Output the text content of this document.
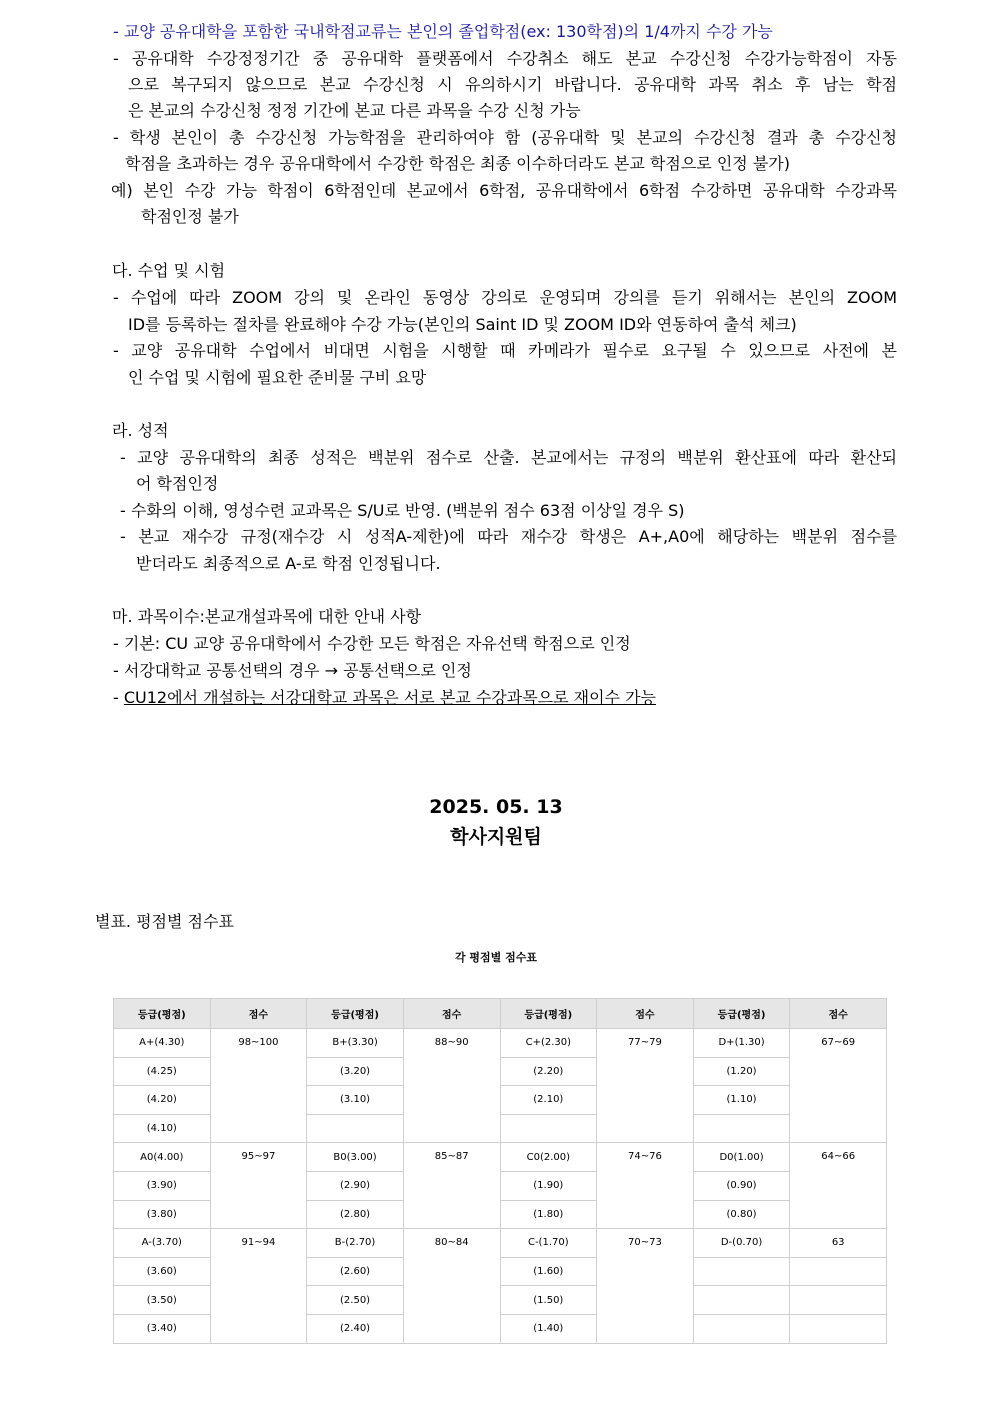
- 교양 공유대학을 포함한 국내학점교류는 본인의 졸업학점(ex: 130학점)의 1/4까지 수강 가능
- 공유대학 수강정정기간 중 공유대학 플랫폼에서 수강취소 해도 본교 수강신청 수강가능학점이 자동
으로 복구되지 않으므로 본교 수강신청 시 유의하시기 바랍니다. 공유대학 과목 취소 후 남는 학점
은 본교의 수강신청 정정 기간에 본교 다른 과목을 수강 신청 가능
- 학생 본인이 총 수강신청 가능학점을 관리하여야 함 (공유대학 및 본교의 수강신청 결과 총 수강신청
학점을 초과하는 경우 공유대학에서 수강한 학점은 최종 이수하더라도 본교 학점으로 인정 불가)
예) 본인 수강 가능 학점이 6학점인데 본교에서 6학점, 공유대학에서 6학점 수강하면 공유대학 수강과목
학점인정 불가
다. 수업 및 시험
- 수업에 따라 ZOOM 강의 및 온라인 동영상 강의로 운영되며 강의를 듣기 위해서는 본인의 ZOOM
ID를 등록하는 절차를 완료해야 수강 가능(본인의 Saint ID 및 ZOOM ID와 연동하여 출석 체크)
- 교양 공유대학 수업에서 비대면 시험을 시행할 때 카메라가 필수로 요구될 수 있으므로 사전에 본
인 수업 및 시험에 필요한 준비물 구비 요망
라. 성적
- 교양 공유대학의 최종 성적은 백분위 점수로 산출. 본교에서는 규정의 백분위 환산표에 따라 환산되
어 학점인정
- 수화의 이해, 영성수련 교과목은 S/U로 반영. (백분위 점수 63점 이상일 경우 S)
- 본교 재수강 규정(재수강 시 성적A-제한)에 따라 재수강 학생은 A+,A0에 해당하는 백분위 점수를
받더라도 최종적으로 A-로 학점 인정됩니다.
마. 과목이수:본교개설과목에 대한 안내 사항
- 기본: CU 교양 공유대학에서 수강한 모든 학점은 자유선택 학점으로 인정
- 서강대학교 공통선택의 경우 → 공통선택으로 인정
- CU12에서 개설하는 서강대학교 과목은 서로 본교 수강과목으로 재이수 가능
2025. 05. 13
학사지원팀
별표. 평점별 점수표
각 평점별 점수표
등급(평점)	점수	등급(평점)	점수	등급(평점)	점수	등급(평점)	점수
A+(4.30)	98~100	B+(3.30)	88~90	C+(2.30)	77~79	D+(1.30)	67~69
(4.25)		(3.20)		(2.20)		(1.20)	
(4.20)		(3.10)		(2.10)		(1.10)	
(4.10)							
A0(4.00)	95~97	B0(3.00)	85~87	C0(2.00)	74~76	D0(1.00)	64~66
(3.90)		(2.90)		(1.90)		(0.90)	
(3.80)		(2.80)		(1.80)		(0.80)	
A-(3.70)	91~94	B-(2.70)	80~84	C-(1.70)	70~73	D-(0.70)	63
(3.60)		(2.60)		(1.60)			
(3.50)		(2.50)		(1.50)			
(3.40)		(2.40)		(1.40)			
